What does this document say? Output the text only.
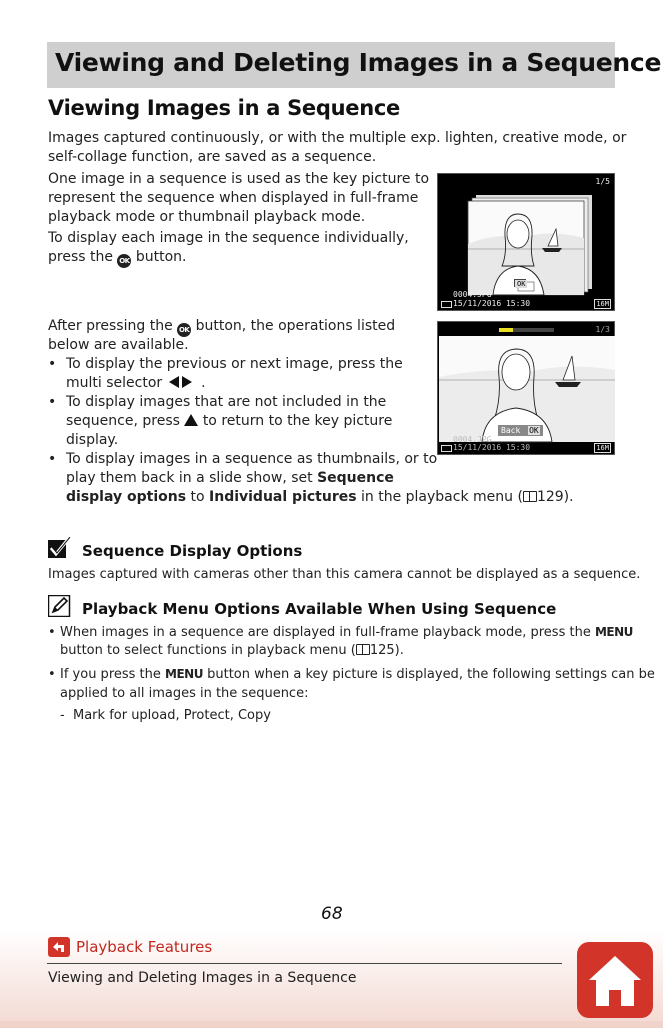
Viewing and Deleting Images in a Sequence
Viewing Images in a Sequence
Images captured continuously, or with the multiple exp. lighten, creative mode, or
self-collage function, are saved as a sequence.
One image in a sequence is used as the key picture to
represent the sequence when displayed in full-frame
playback mode or thumbnail playback mode.
To display each image in the sequence individually,
press the OK button.
1/5
OK
0004.JPG
15/11/2016 15:30	16M
After pressing the OK button, the operations listed
below are available.
• To display the previous or next image, press the
multi selector	.
• To display images that are not included in the
sequence, press to return to the key picture
display.
• To display images in a sequence as thumbnails, or to
play them back in a slide show, set Sequence
display options to Individual pictures in the playback menu ( 129).
1/3
Back OK
0004.JPG
15/11/2016 15:30	16M
Sequence Display Options
Images captured with cameras other than this camera cannot be displayed as a sequence.
Playback Menu Options Available When Using Sequence
• When images in a sequence are displayed in full-frame playback mode, press the MENU
button to select functions in playback menu ( 125).
• If you press the MENU button when a key picture is displayed, the following settings can be
applied to all images in the sequence:
- Mark for upload, Protect, Copy
68
Playback Features
Viewing and Deleting Images in a Sequence
